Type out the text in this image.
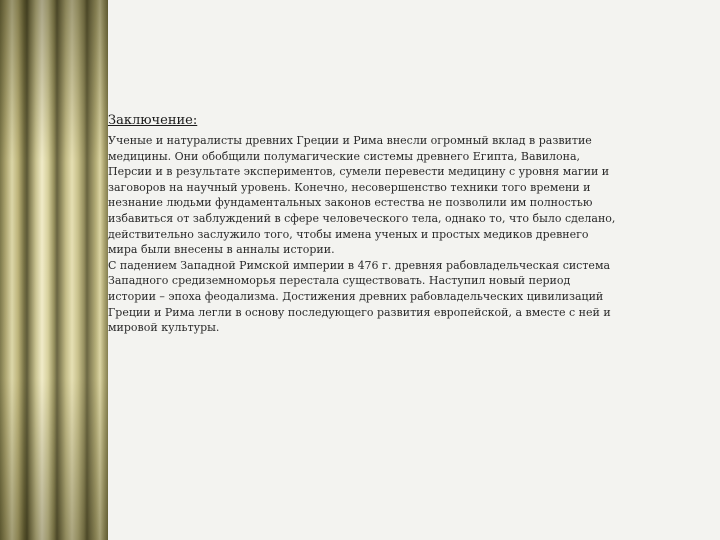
Заключение:

Ученые и натуралисты древних Греции и Рима внесли огромный вклад в развитие медицины. Они обобщили полумагические системы древнего Египта, Вавилона, Персии и в результате экспериментов, сумели перевести медицину с уровня магии и заговоров на научный уровень. Конечно, несовершенство техники того времени и незнание людьми фундаментальных законов естества не позволили им полностью избавиться от заблуждений в сфере человеческого тела, однако то, что было сделано, действительно заслужило того, чтобы имена ученых и простых медиков древнего мира были внесены в анналы истории.

С падением Западной Римской империи в 476 г. древняя рабовладельческая система Западного средиземноморья перестала существовать. Наступил новый период истории – эпоха феодализма. Достижения древних рабовладельческих цивилизаций Греции и Рима легли в основу последующего развития европейской, а вместе с ней и мировой культуры.
